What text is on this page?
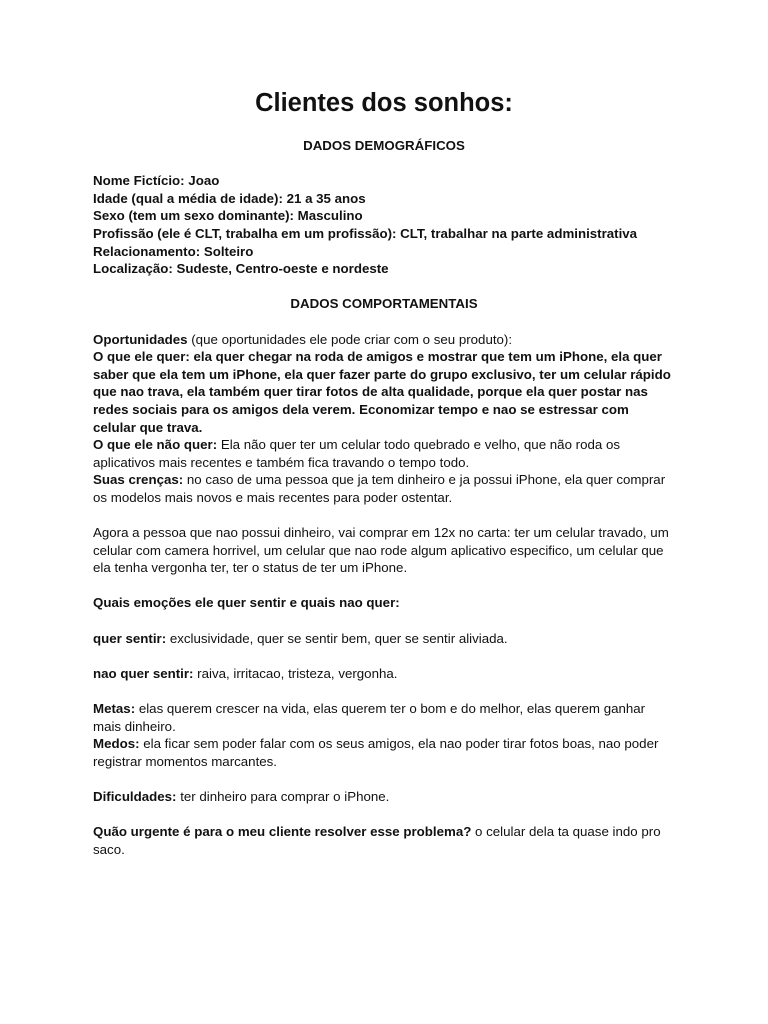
Clientes dos sonhos:
DADOS DEMOGRÁFICOS
Nome Fictício: Joao
Idade (qual a média de idade): 21 a 35 anos
Sexo (tem um sexo dominante): Masculino
Profissão (ele é CLT, trabalha em um profissão): CLT, trabalhar na parte administrativa
Relacionamento: Solteiro
Localização: Sudeste, Centro-oeste e nordeste
DADOS COMPORTAMENTAIS
Oportunidades (que oportunidades ele pode criar com o seu produto):
O que ele quer: ela quer chegar na roda de amigos e mostrar que tem um iPhone, ela quer saber que ela tem um iPhone, ela quer fazer parte do grupo exclusivo, ter um celular rápido que nao trava, ela também quer tirar fotos de alta qualidade, porque ela quer postar nas redes sociais para os amigos dela verem. Economizar tempo e nao se estressar com celular que trava.
O que ele não quer: Ela não quer ter um celular todo quebrado e velho, que não roda os aplicativos mais recentes e também fica travando o tempo todo.
Suas crenças: no caso de uma pessoa que ja tem dinheiro e ja possui iPhone, ela quer comprar os modelos mais novos e mais recentes para poder ostentar.
Agora a pessoa que nao possui dinheiro, vai comprar em 12x no carta: ter um celular travado, um celular com camera horrivel, um celular que nao rode algum aplicativo especifico, um celular que ela tenha vergonha ter, ter o status de ter um iPhone.
Quais emoções ele quer sentir e quais nao quer:
quer sentir: exclusividade, quer se sentir bem, quer se sentir aliviada.
nao quer sentir: raiva, irritacao, tristeza, vergonha.
Metas: elas querem crescer na vida, elas querem ter o bom e do melhor, elas querem ganhar mais dinheiro.
Medos: ela ficar sem poder falar com os seus amigos, ela nao poder tirar fotos boas, nao poder registrar momentos marcantes.
Dificuldades: ter dinheiro para comprar o iPhone.
Quão urgente é para o meu cliente resolver esse problema? o celular dela ta quase indo pro saco.
